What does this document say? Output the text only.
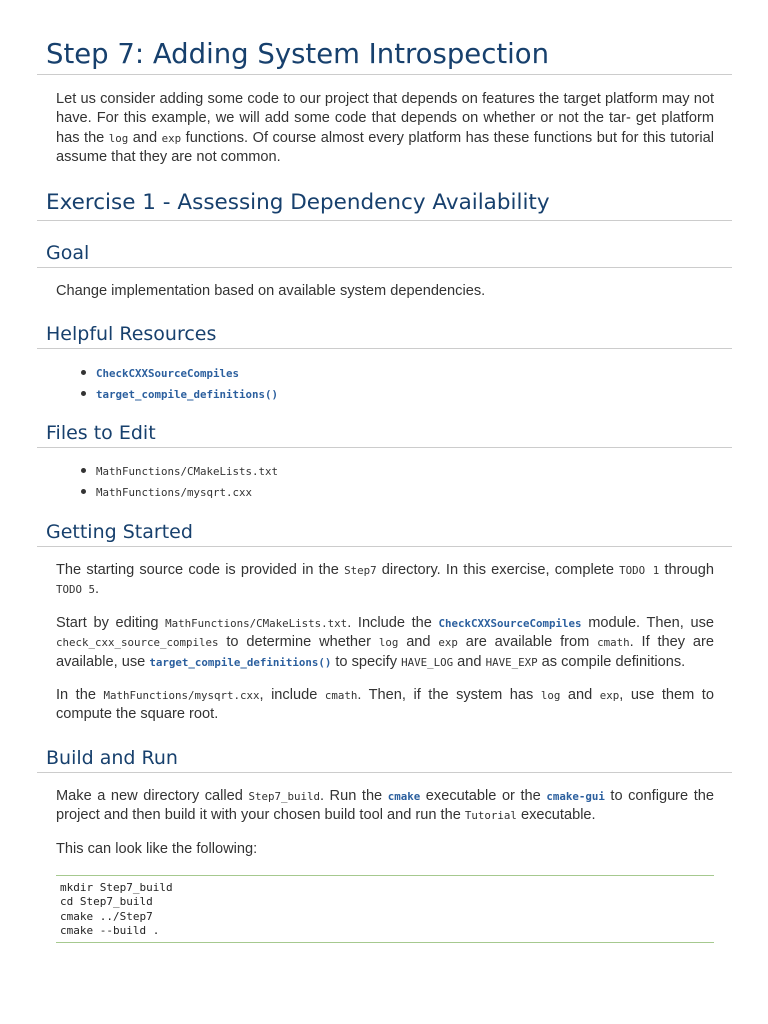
Step 7: Adding System Introspection

Let us consider adding some code to our project that depends on features the target platform may not have. For this example, we will add some code that depends on whether or not the tar- get platform has the log and exp functions. Of course almost every platform has these functions but for this tutorial assume that they are not common.

Exercise 1 - Assessing Dependency Availability
Goal

Change implementation based on available system dependencies.

Helpful Resources
CheckCXXSourceCompiles
target_compile_definitions()
Files to Edit
MathFunctions/CMakeLists.txt
MathFunctions/mysqrt.cxx
Getting Started

The starting source code is provided in the Step7 directory. In this exercise, complete TODO 1 through TODO 5.

Start by editing MathFunctions/CMakeLists.txt. Include the CheckCXXSourceCompiles module. Then, use check_cxx_source_compiles to determine whether log and exp are available from cmath. If they are available, use target_compile_definitions() to specify HAVE_LOG and HAVE_EXP as compile definitions.

In the MathFunctions/mysqrt.cxx, include cmath. Then, if the system has log and exp, use them to compute the square root.

Build and Run

Make a new directory called Step7_build. Run the cmake executable or the cmake-gui to configure the project and then build it with your chosen build tool and run the Tutorial executable.

This can look like the following:

mkdir Step7_build
cd Step7_build
cmake ../Step7
cmake --build .
